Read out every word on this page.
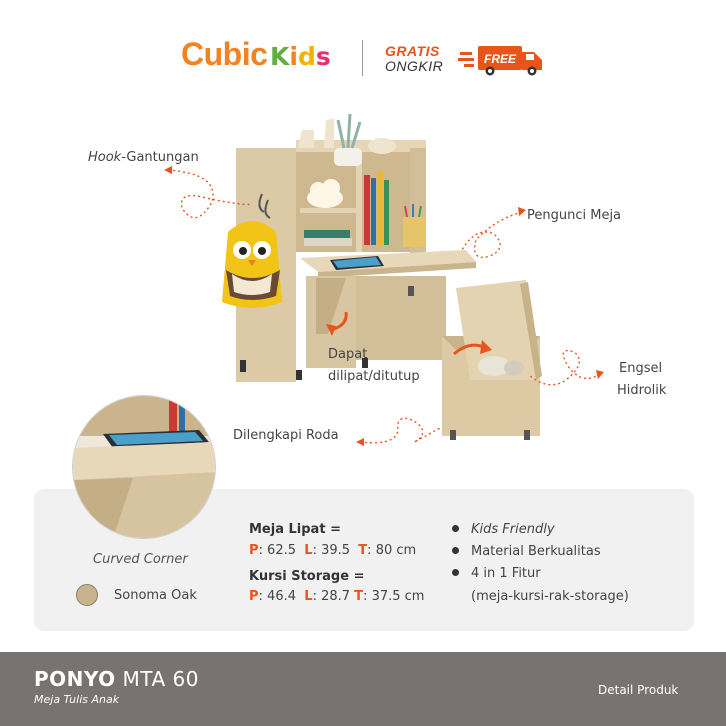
Cubic Kids	GRATIS
ONGKIR	FREE
Hook-Gantungan
Pengunci Meja
Dapat
dilipat/ditutup
Engsel
Hidrolik
Dilengkapi Roda
Curved Corner
Sonoma Oak
Meja Lipat =
P: 62.5 L: 39.5 T: 80 cm
Kursi Storage =
P: 46.4 L: 28.7 T: 37.5 cm
Kids Friendly
Material Berkualitas
4 in 1 Fitur
(meja-kursi-rak-storage)
PONYO MTA 60
Meja Tulis Anak
Detail Produk
